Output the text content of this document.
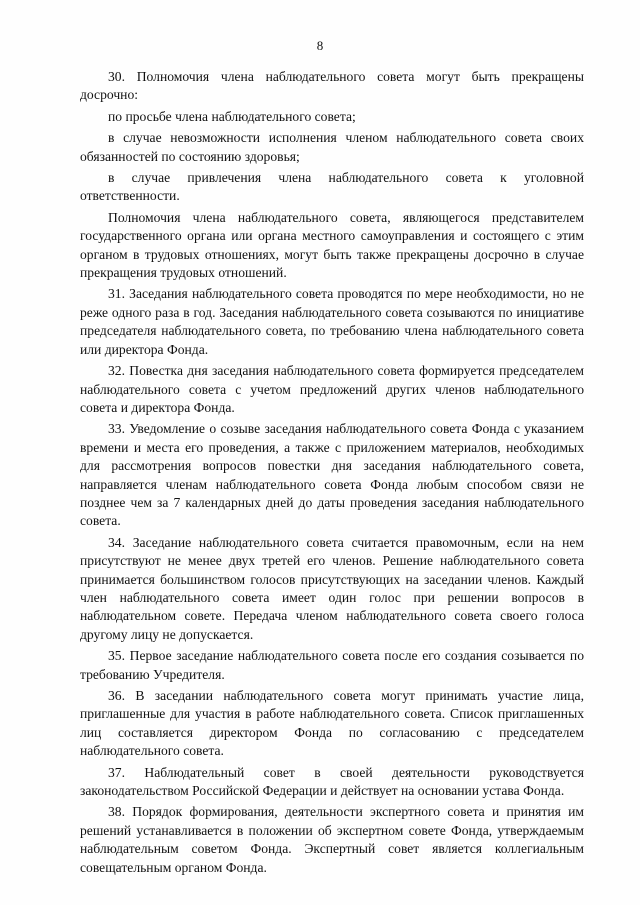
8

30. Полномочия члена наблюдательного совета могут быть прекращены досрочно:

по просьбе члена наблюдательного совета;

в случае невозможности исполнения членом наблюдательного совета своих обязанностей по состоянию здоровья;

в случае привлечения члена наблюдательного совета к уголовной ответственности.

Полномочия члена наблюдательного совета, являющегося представителем государственного органа или органа местного самоуправления и состоящего с этим органом в трудовых отношениях, могут быть также прекращены досрочно в случае прекращения трудовых отношений.

31. Заседания наблюдательного совета проводятся по мере необходимости, но не реже одного раза в год. Заседания наблюдательного совета созываются по инициативе председателя наблюдательного совета, по требованию члена наблюдательного совета или директора Фонда.

32. Повестка дня заседания наблюдательного совета формируется председателем наблюдательного совета с учетом предложений других членов наблюдательного совета и директора Фонда.

33. Уведомление о созыве заседания наблюдательного совета Фонда с указанием времени и места его проведения, а также с приложением материалов, необходимых для рассмотрения вопросов повестки дня заседания наблюдательного совета, направляется членам наблюдательного совета Фонда любым способом связи не позднее чем за 7 календарных дней до даты проведения заседания наблюдательного совета.

34. Заседание наблюдательного совета считается правомочным, если на нем присутствуют не менее двух третей его членов. Решение наблюдательного совета принимается большинством голосов присутствующих на заседании членов. Каждый член наблюдательного совета имеет один голос при решении вопросов в наблюдательном совете. Передача членом наблюдательного совета своего голоса другому лицу не допускается.

35. Первое заседание наблюдательного совета после его создания созывается по требованию Учредителя.

36. В заседании наблюдательного совета могут принимать участие лица, приглашенные для участия в работе наблюдательного совета. Список приглашенных лиц составляется директором Фонда по согласованию с председателем наблюдательного совета.

37. Наблюдательный совет в своей деятельности руководствуется законодательством Российской Федерации и действует на основании устава Фонда.

38. Порядок формирования, деятельности экспертного совета и принятия им решений устанавливается в положении об экспертном совете Фонда, утверждаемым наблюдательным советом Фонда. Экспертный совет является коллегиальным совещательным органом Фонда.
